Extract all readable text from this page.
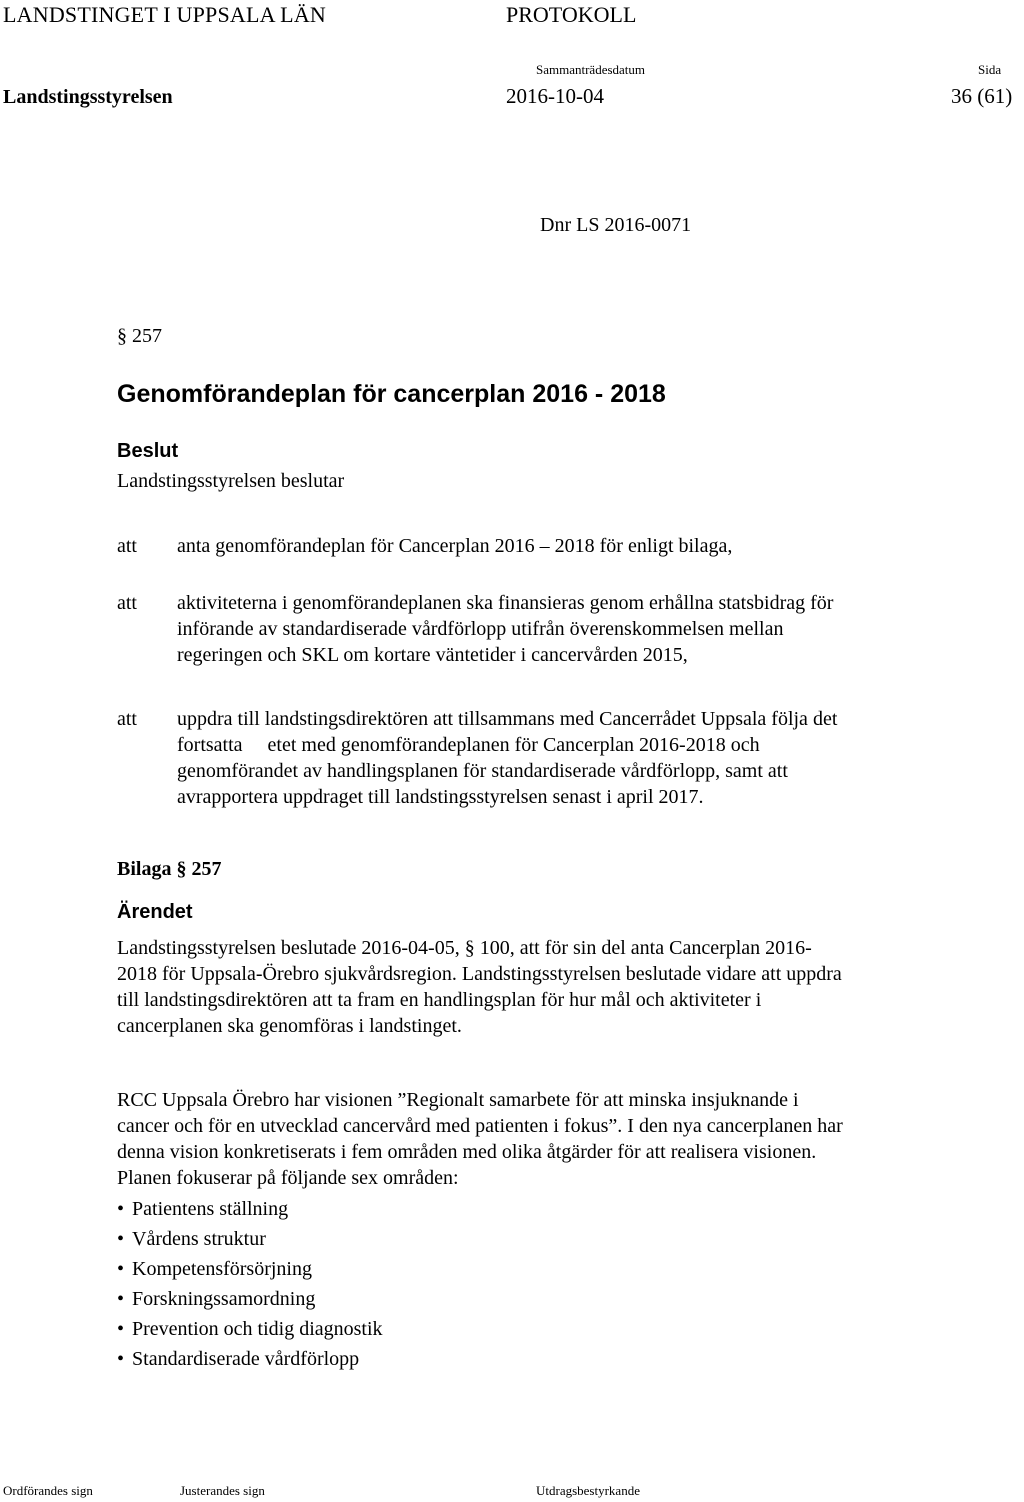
LANDSTINGET I UPPSALA LÄN	PROTOKOLL
Sammanträdesdatum	Sida
Landstingsstyrelsen	2016-10-04	36 (61)
Dnr LS 2016-0071
§ 257
Genomförandeplan för cancerplan 2016 - 2018
Beslut
Landstingsstyrelsen beslutar
att anta genomförandeplan för Cancerplan 2016 – 2018 för enligt bilaga,
att aktiviteterna i genomförandeplanen ska finansieras genom erhållna statsbidrag för
införande av standardiserade vårdförlopp utifrån överenskommelsen mellan
regeringen och SKL om kortare väntetider i cancervården 2015,
att uppdra till landstingsdirektören att tillsammans med Cancerrådet Uppsala följa det
fortsatta     etet med genomförandeplanen för Cancerplan 2016-2018 och
genomförandet av handlingsplanen för standardiserade vårdförlopp, samt att
avrapportera uppdraget till landstingsstyrelsen senast i april 2017.
Bilaga § 257
Ärendet
Landstingsstyrelsen beslutade 2016-04-05, § 100, att för sin del anta Cancerplan 2016-
2018 för Uppsala-Örebro sjukvårdsregion. Landstingsstyrelsen beslutade vidare att uppdra
till landstingsdirektören att ta fram en handlingsplan för hur mål och aktiviteter i
cancerplanen ska genomföras i landstinget.
RCC Uppsala Örebro har visionen ”Regionalt samarbete för att minska insjuknande i
cancer och för en utvecklad cancervård med patienten i fokus”. I den nya cancerplanen har
denna vision konkretiserats i fem områden med olika åtgärder för att realisera visionen.
Planen fokuserar på följande sex områden:
• Patientens ställning
• Vårdens struktur
• Kompetensförsörjning
• Forskningssamordning
• Prevention och tidig diagnostik
• Standardiserade vårdförlopp
Ordförandes sign	Justerandes sign	Utdragsbestyrkande
